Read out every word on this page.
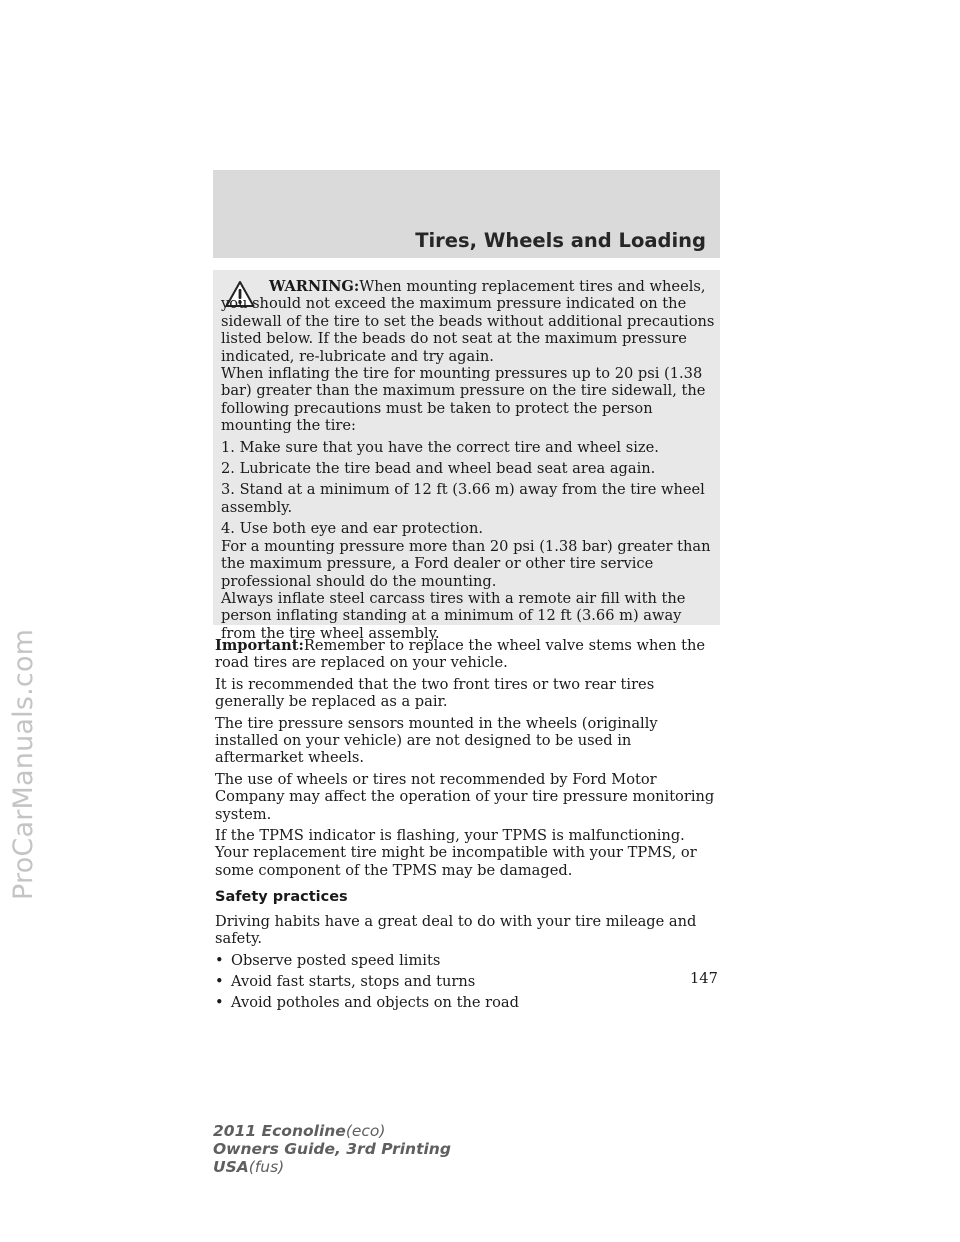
ProCarManuals.com
Tires, Wheels and Loading

WARNING:When mounting replacement tires and wheels, you should not exceed the maximum pressure indicated on the sidewall of the tire to set the beads without additional precautions listed below. If the beads do not seat at the maximum pressure indicated, re-lubricate and try again.

When inflating the tire for mounting pressures up to 20 psi (1.38 bar) greater than the maximum pressure on the tire sidewall, the following precautions must be taken to protect the person mounting the tire:

1. Make sure that you have the correct tire and wheel size.

2. Lubricate the tire bead and wheel bead seat area again.

3. Stand at a minimum of 12 ft (3.66 m) away from the tire wheel assembly.

4. Use both eye and ear protection.

For a mounting pressure more than 20 psi (1.38 bar) greater than the maximum pressure, a Ford dealer or other tire service professional should do the mounting.

Always inflate steel carcass tires with a remote air fill with the person inflating standing at a minimum of 12 ft (3.66 m) away from the tire wheel assembly.

Important:Remember to replace the wheel valve stems when the road tires are replaced on your vehicle.

It is recommended that the two front tires or two rear tires generally be replaced as a pair.

The tire pressure sensors mounted in the wheels (originally installed on your vehicle) are not designed to be used in aftermarket wheels.

The use of wheels or tires not recommended by Ford Motor Company may affect the operation of your tire pressure monitoring system.

If the TPMS indicator is flashing, your TPMS is malfunctioning. Your replacement tire might be incompatible with your TPMS, or some component of the TPMS may be damaged.

Safety practices

Driving habits have a great deal to do with your tire mileage and safety.

• Observe posted speed limits
• Avoid fast starts, stops and turns
• Avoid potholes and objects on the road
147
2011 Econoline(eco)
Owners Guide, 3rd Printing
USA(fus)
